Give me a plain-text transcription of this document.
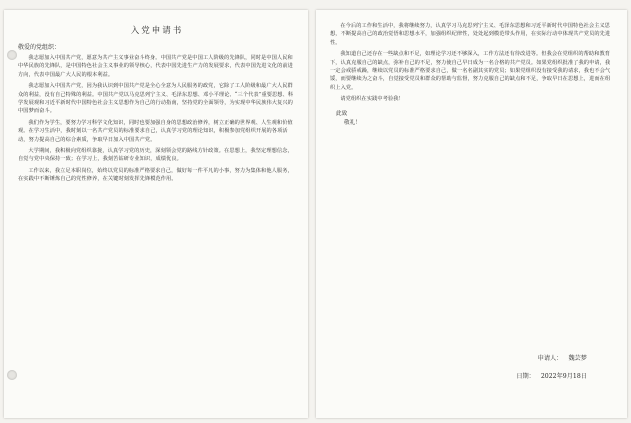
入党申请书
敬爱的党组织：

我志愿加入中国共产党，愿意为共产主义事业奋斗终身。中国共产党是中国工人阶级的先锋队，同时是中国人民和中华民族的先锋队，是中国特色社会主义事业的领导核心，代表中国先进生产力的发展要求，代表中国先进文化的前进方向，代表中国最广大人民的根本利益。

我志愿加入中国共产党，因为我认识到中国共产党是全心全意为人民服务的政党，它除了工人阶级和最广大人民群众的利益，没有自己特殊的利益。中国共产党以马克思列宁主义、毛泽东思想、邓小平理论、“三个代表”重要思想、科学发展观和习近平新时代中国特色社会主义思想作为自己的行动指南，坚持党的全面领导，为实现中华民族伟大复兴的中国梦而奋斗。

我们作为学生，要努力学习科学文化知识，同时也要加强自身的思想政治修养，树立正确的世界观、人生观和价值观。在学习生活中，我时刻以一名共产党员的标准要求自己，认真学习党的理论知识，积极参加党组织开展的各项活动，努力提高自己的综合素质，争取早日加入中国共产党。

大学期间，我积极向党组织靠拢，认真学习党的历史，深刻领会党的路线方针政策。在思想上，我坚定理想信念，自觉与党中央保持一致；在学习上，我刻苦钻研专业知识，成绩优良。

工作以来，我立足本职岗位，始终以党员的标准严格要求自己，做好每一件平凡的小事，努力为集体和他人服务，在实践中不断锤炼自己的党性修养，在关键时刻发挥先锋模范作用。

在今后的工作和生活中，我将继续努力，认真学习马克思列宁主义、毛泽东思想和习近平新时代中国特色社会主义思想，不断提高自己的政治觉悟和思想水平，加强组织纪律性，处处起到模范带头作用，在实际行动中体现共产党员的先进性。

我知道自己还存在一些缺点和不足，如理论学习还不够深入，工作方法还有待改进等。但我会在党组织的帮助和教育下，认真克服自己的缺点，弥补自己的不足，努力使自己早日成为一名合格的共产党员。如果党组织批准了我的申请，我一定会戒骄戒躁，继续以党员的标准严格要求自己，做一名名副其实的党员；如果党组织没有接受我的请求，我也不会气馁，而要继续为之奋斗，自觉接受党员和群众的帮助与监督，努力克服自己的缺点和不足，争取早日在思想上，进而在组织上入党。

请党组织在实践中考验我！

此致
敬礼！
申请人： 魏芸梦
日期： 2022年9月18日
